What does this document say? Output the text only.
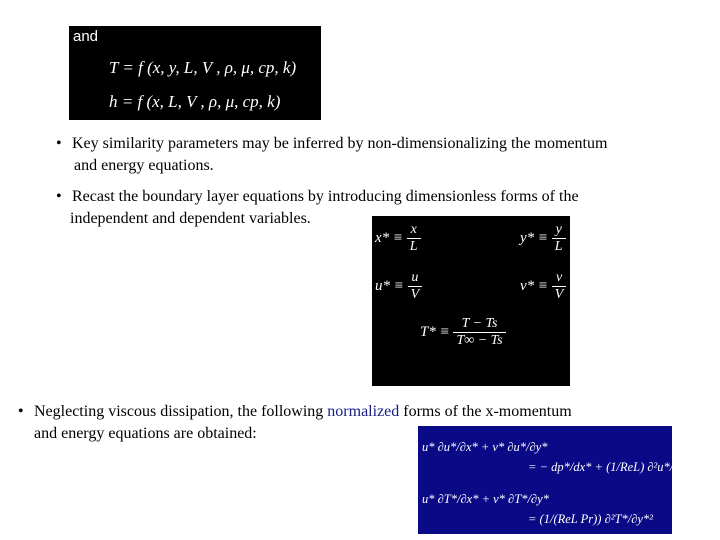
and
T = f (x, y, L, V , ρ, μ, cp, k)
h = f (x, L, V , ρ, μ, cp, k)
• Key similarity parameters may be inferred by non-dimensionalizing the momentum
and energy equations.
• Recast the boundary layer equations by introducing dimensionless forms of the
independent and dependent variables.
$x* \equiv \frac{x}{L}$	$y* \equiv \frac{y}{L}$
$u* \equiv \frac{u}{V}$	$v* \equiv \frac{v}{V}$
$T* \equiv \frac{T - Ts}{T\infty - Ts}$
• Neglecting viscous dissipation, the following normalized forms of the x-momentum
and energy equations are obtained:
u* ∂u*/∂x* + v* ∂u*/∂y*
= − dp*/dx* + (1/ReL) ∂²u*/∂y*²
u* ∂T*/∂x* + v* ∂T*/∂y*
= (1/(ReL Pr)) ∂²T*/∂y*²
